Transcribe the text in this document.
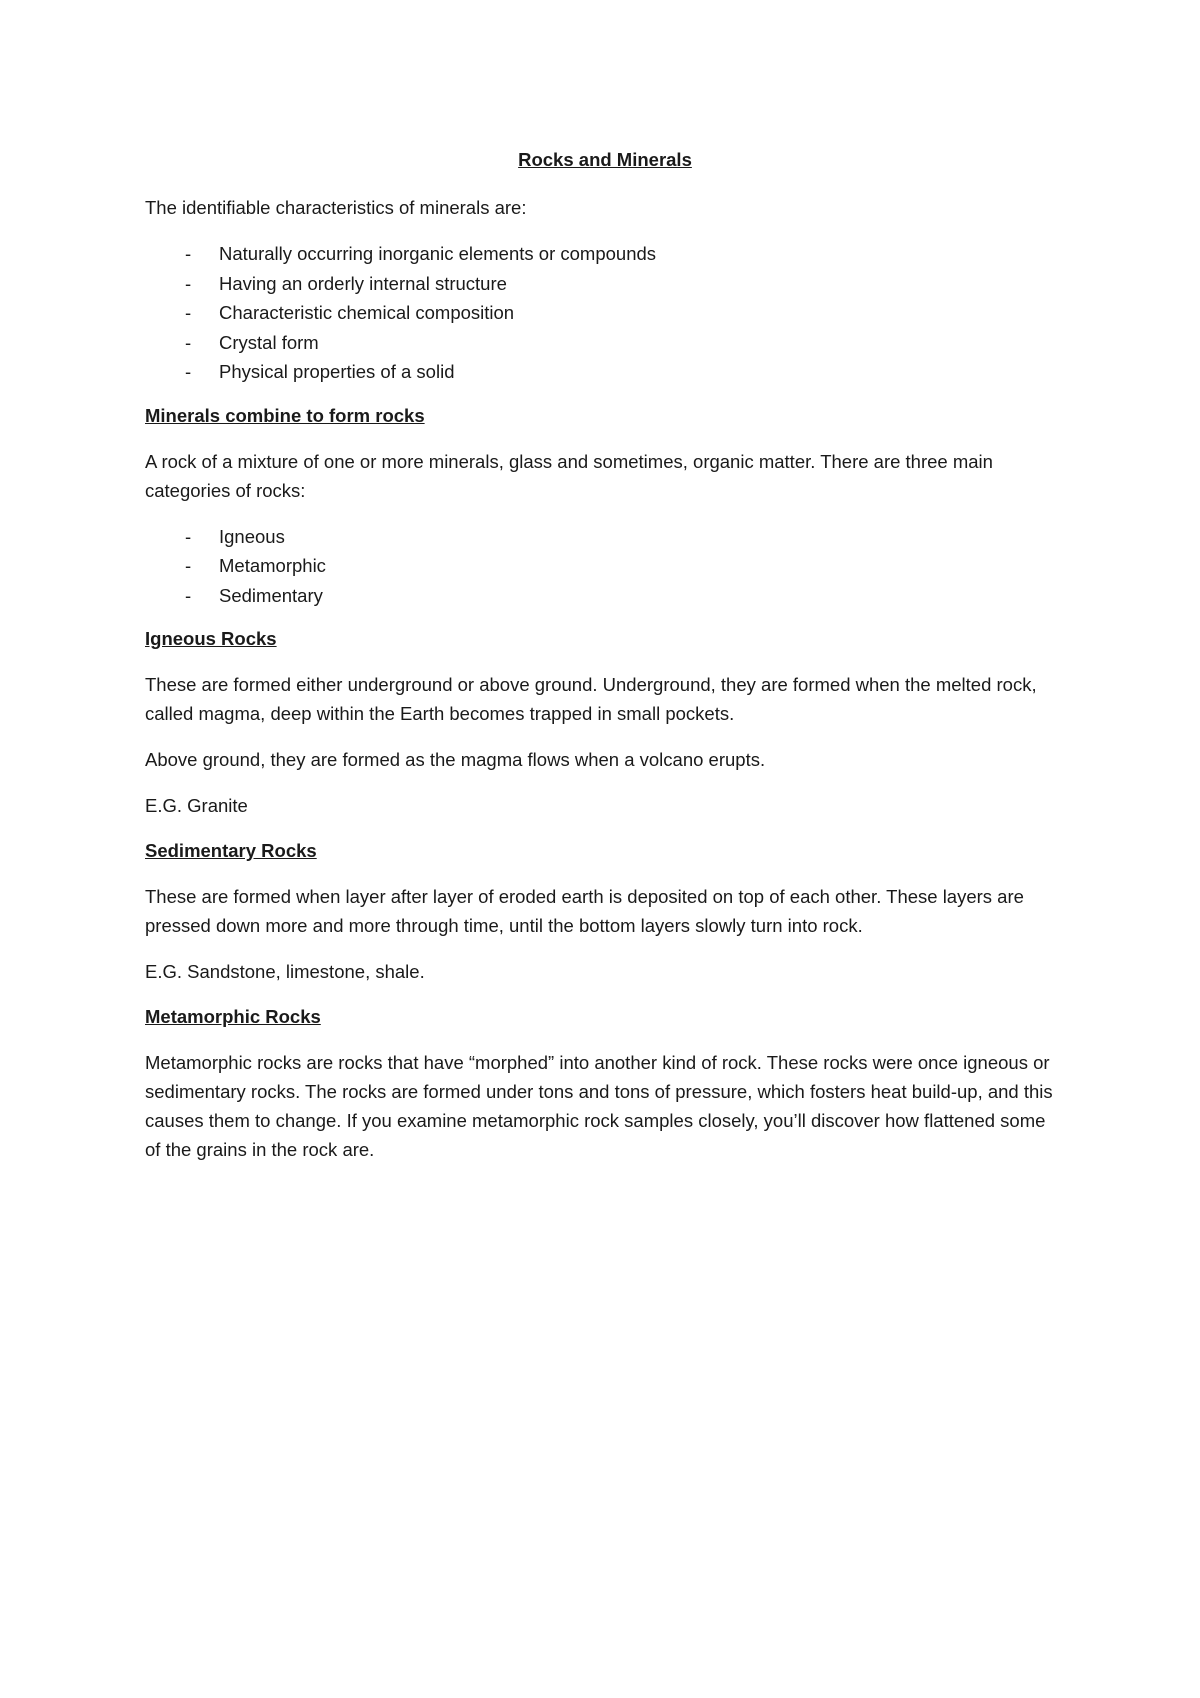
Rocks and Minerals

The identifiable characteristics of minerals are:

- Naturally occurring inorganic elements or compounds
- Having an orderly internal structure
- Characteristic chemical composition
- Crystal form
- Physical properties of a solid
Minerals combine to form rocks

A rock of a mixture of one or more minerals, glass and sometimes, organic matter. There are three main categories of rocks:

- Igneous
- Metamorphic
- Sedimentary
Igneous Rocks

These are formed either underground or above ground. Underground, they are formed when the melted rock, called magma, deep within the Earth becomes trapped in small pockets.

Above ground, they are formed as the magma flows when a volcano erupts.

E.G. Granite

Sedimentary Rocks

These are formed when layer after layer of eroded earth is deposited on top of each other. These layers are pressed down more and more through time, until the bottom layers slowly turn into rock.

E.G. Sandstone, limestone, shale.

Metamorphic Rocks

Metamorphic rocks are rocks that have “morphed” into another kind of rock. These rocks were once igneous or sedimentary rocks. The rocks are formed under tons and tons of pressure, which fosters heat build-up, and this causes them to change. If you examine metamorphic rock samples closely, you’ll discover how flattened some of the grains in the rock are.
